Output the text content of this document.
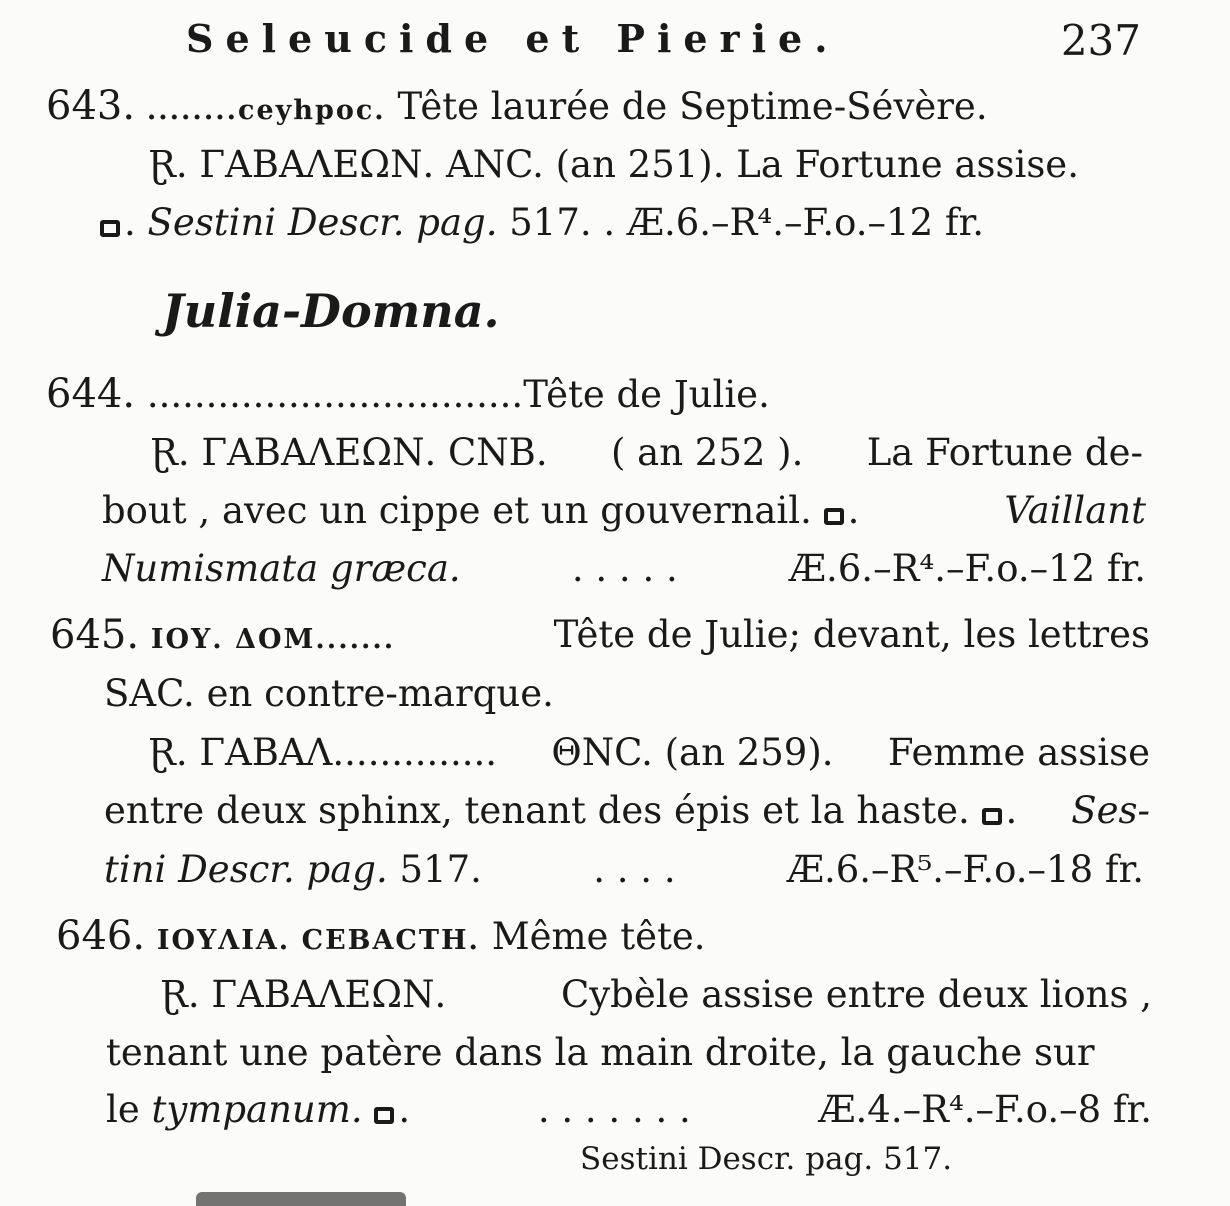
Seleucide et Pierie.	237
643. ........ceyhpoc. Tête laurée de Septime-Sévère.
Ɽ. ΓΑΒΑΛΕΩΝ. ΑΝC. (an 251). La Fortune assise.
. Sestini Descr. pag. 517. . Æ.6.–R⁴.–F.o.–12 fr.
Julia-Domna.
644. ................................Tête de Julie.
Ɽ. ΓΑΒΑΛΕΩΝ. CNB. ( an 252 ). La Fortune de-
bout , avec un cippe et un gouvernail. .	Vaillant
Numismata græca.	. . . . .	Æ.6.–R⁴.–F.o.–12 fr.
645. ΙΟΥ. ΔΟΜ.......	Tête de Julie; devant, les lettres
SAC. en contre-marque.
Ɽ. ΓΑΒΑΛ.............. ΘNC. (an 259). Femme assise
entre deux sphinx, tenant des épis et la haste. . Ses-
tini Descr. pag. 517.	. . . .	Æ.6.–R⁵.–F.o.–18 fr.
646. ΙΟΥΛΙΑ. CEBACTH. Même tête.
Ɽ. ΓΑΒΑΛΕΩΝ.	Cybèle assise entre deux lions ,
tenant une patère dans la main droite, la gauche sur
le tympanum. .	. . . . . . .	Æ.4.–R⁴.–F.o.–8 fr.
Sestini Descr. pag. 517.
